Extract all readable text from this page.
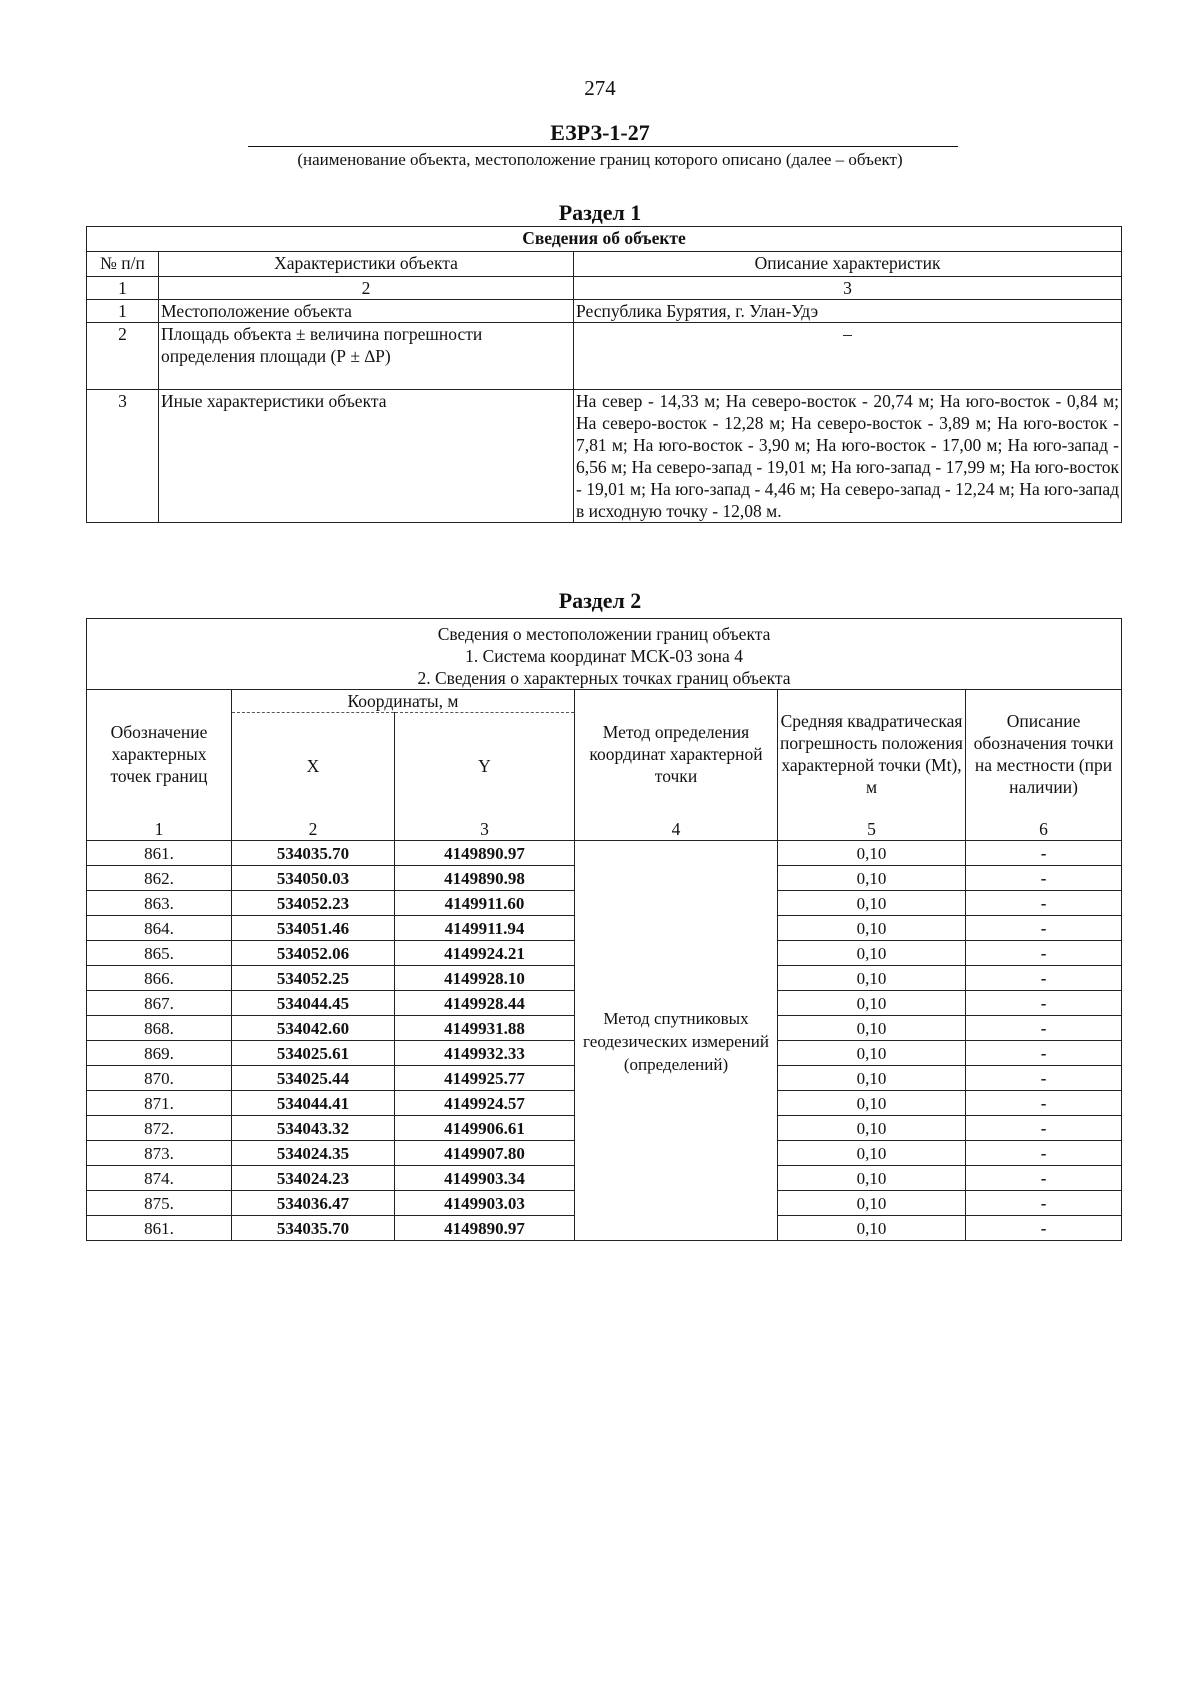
274
ЕЗРЗ-1-27
(наименование объекта, местоположение границ которого описано (далее – объект)
Раздел 1
Сведения об объекте		
№ п/п	Характеристики объекта	Описание характеристик
1	2	3
1	Местоположение объекта	Республика Бурятия, г. Улан-Удэ
2	Площадь объекта ± величина погрешности определения площади (Р ± ∆Р)	–
3	Иные характеристики объекта	На север - 14,33 м; На северо-восток - 20,74 м; На юго-восток - 0,84 м; На северо-восток - 12,28 м; На северо-восток - 3,89 м; На юго-восток - 7,81 м; На юго-восток - 3,90 м; На юго-восток - 17,00 м; На юго-запад - 6,56 м; На северо-запад - 19,01 м; На юго-запад - 17,99 м; На юго-восток - 19,01 м; На юго-запад - 4,46 м; На северо-запад - 12,24 м; На юго-запад в исходную точку - 12,08 м.
Раздел 2
Сведения о местоположении границ объекта
1. Система координат МСК-03 зона 4
2. Сведения о характерных точках границ объекта					

Обозначение характерных точек границ	Координаты, м		Метод определения координат характерной точки	Средняя квадратическая погрешность положения характерной точки (Mt), м	Описание обозначения точки на местности (при наличии)
	X	Y			
1	2	3	4	5	6
861.	534035.70	4149890.97	Метод спутниковых геодезических измерений (определений)	0,10	-
862.	534050.03	4149890.98		0,10	-
863.	534052.23	4149911.60		0,10	-
864.	534051.46	4149911.94		0,10	-
865.	534052.06	4149924.21		0,10	-
866.	534052.25	4149928.10		0,10	-
867.	534044.45	4149928.44		0,10	-
868.	534042.60	4149931.88		0,10	-
869.	534025.61	4149932.33		0,10	-
870.	534025.44	4149925.77		0,10	-
871.	534044.41	4149924.57		0,10	-
872.	534043.32	4149906.61		0,10	-
873.	534024.35	4149907.80		0,10	-
874.	534024.23	4149903.34		0,10	-
875.	534036.47	4149903.03		0,10	-
861.	534035.70	4149890.97		0,10	-
